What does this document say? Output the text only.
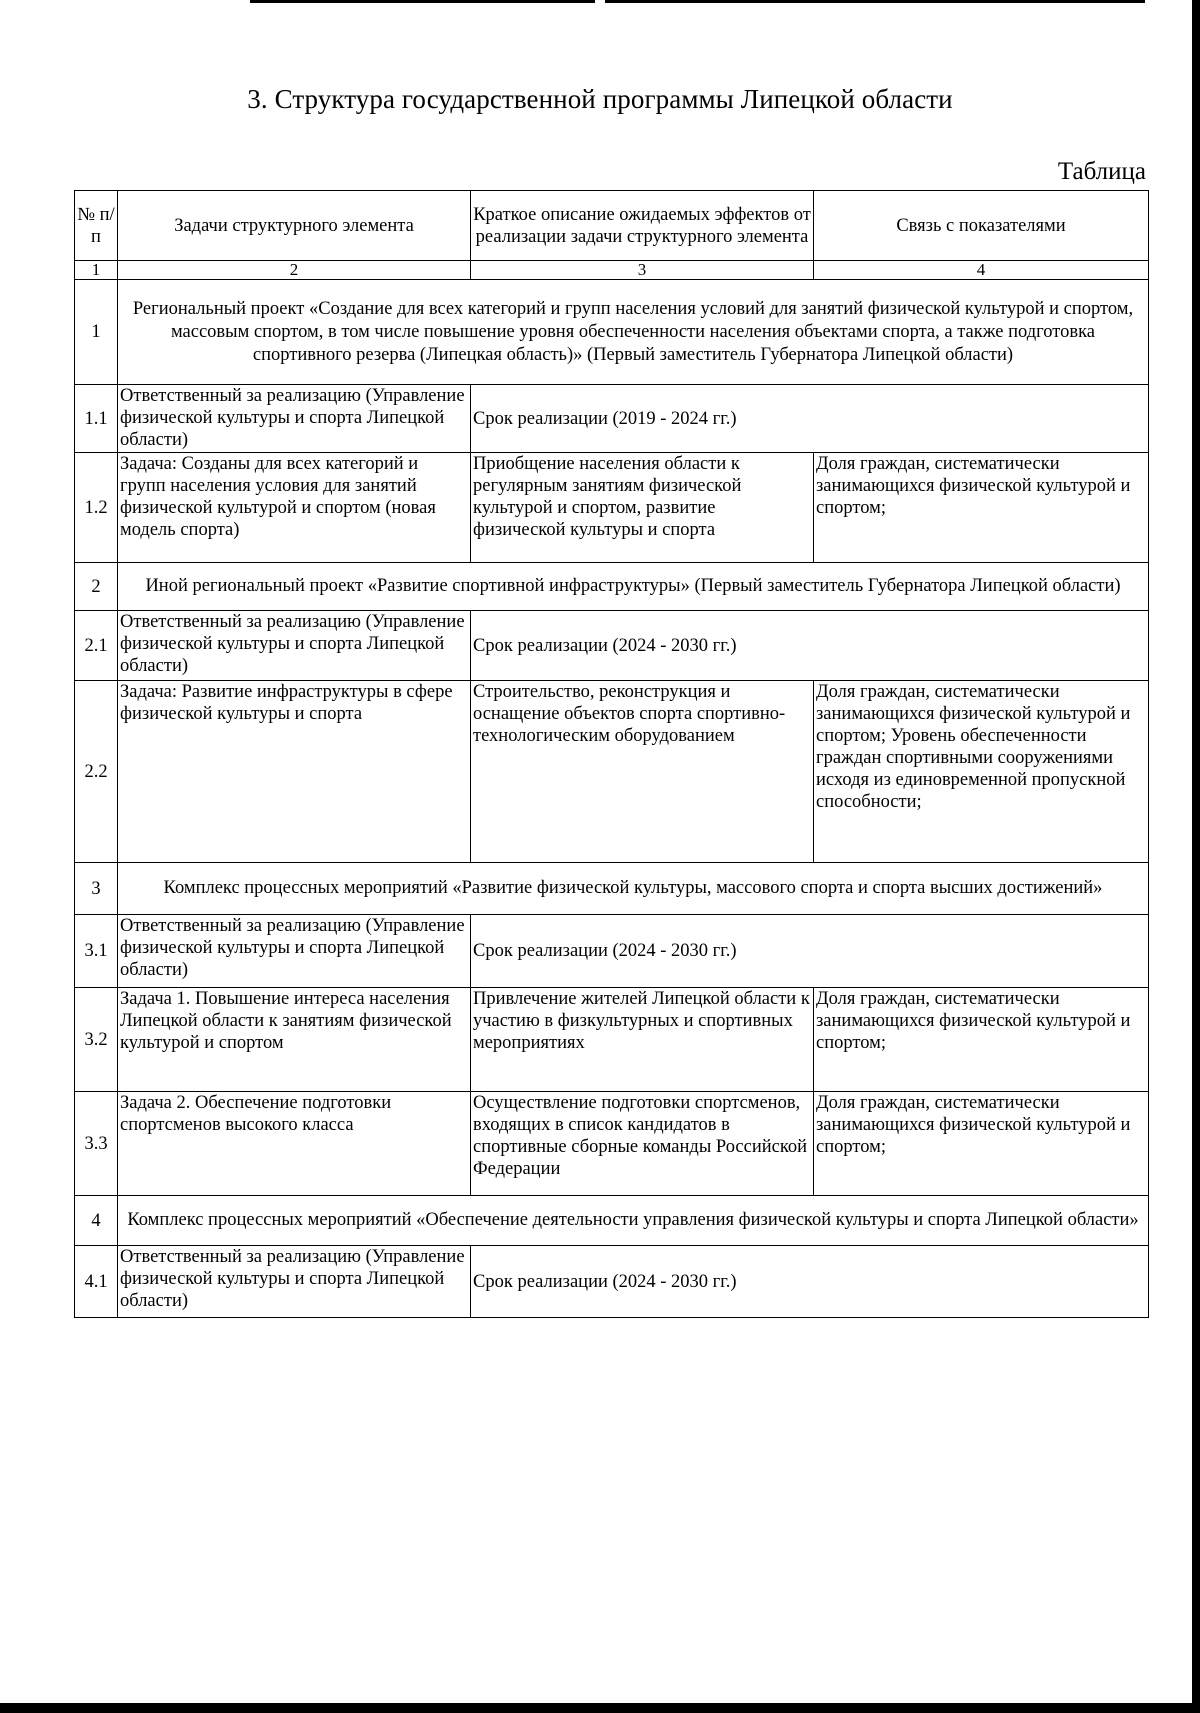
3. Структура государственной программы Липецкой области
Таблица
№ п/п	Задачи структурного элемента	Краткое описание ожидаемых эффектов от реализации задачи структурного элемента	Связь с показателями
1	2	3	4
1	Региональный проект «Создание для всех категорий и групп населения условий для занятий физической культурой и спортом, массовым спортом, в том числе повышение уровня обеспеченности населения объектами спорта, а также подготовка спортивного резерва (Липецкая область)» (Первый заместитель Губернатора Липецкой области)		
1.1	Ответственный за реализацию (Управление физической культуры и спорта Липецкой области)	Срок реализации (2019 - 2024 гг.)	
1.2	Задача: Созданы для всех категорий и групп населения условия для занятий физической культурой и спортом (новая модель спорта)	Приобщение населения области к регулярным занятиям физической культурой и спортом, развитие физической культуры и спорта	Доля граждан, систематически занимающихся физической культурой и спортом;
2	Иной региональный проект «Развитие спортивной инфраструктуры» (Первый заместитель Губернатора Липецкой области)		
2.1	Ответственный за реализацию (Управление физической культуры и спорта Липецкой области)	Срок реализации (2024 - 2030 гг.)	
2.2	Задача: Развитие инфраструктуры в сфере физической культуры и спорта	Строительство, реконструкция и оснащение объектов спорта спортивно-технологическим оборудованием	Доля граждан, систематически занимающихся физической культурой и спортом; Уровень обеспеченности граждан спортивными сооружениями исходя из единовременной пропускной способности;
3	Комплекс процессных мероприятий «Развитие физической культуры, массового спорта и спорта высших достижений»		
3.1	Ответственный за реализацию (Управление физической культуры и спорта Липецкой области)	Срок реализации (2024 - 2030 гг.)	
3.2	Задача 1. Повышение интереса населения Липецкой области к занятиям физической культурой и спортом	Привлечение жителей Липецкой области к участию в физкультурных и спортивных мероприятиях	Доля граждан, систематически занимающихся физической культурой и спортом;
3.3	Задача 2. Обеспечение подготовки спортсменов высокого класса	Осуществление подготовки спортсменов, входящих в список кандидатов в спортивные сборные команды Российской Федерации	Доля граждан, систематически занимающихся физической культурой и спортом;
4	Комплекс процессных мероприятий «Обеспечение деятельности управления физической культуры и спорта Липецкой области»		
4.1	Ответственный за реализацию (Управление физической культуры и спорта Липецкой области)	Срок реализации (2024 - 2030 гг.)	
